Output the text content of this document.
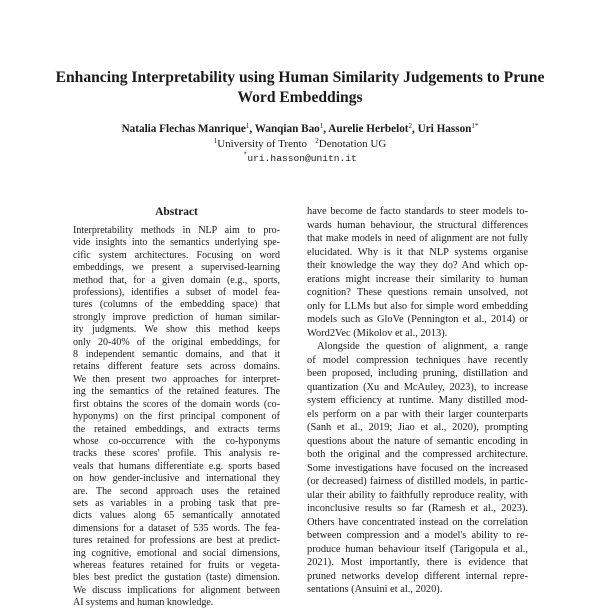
Enhancing Interpretability using Human Similarity Judgements to Prune
Word Embeddings
Natalia Flechas Manrique$^1$, Wanqian Bao$^1$, Aurelie Herbelot$^2$, Uri Hasson$^{1*}$
$^1$University of Trento $^2$Denotation UG
*uri.hasson@unitn.it
Abstract
Interpretability methods in NLP aim to pro-
vide insights into the semantics underlying spe-
cific system architectures. Focusing on word
embeddings, we present a supervised-learning
method that, for a given domain (e.g., sports,
professions), identifies a subset of model fea-
tures (columns of the embedding space) that
strongly improve prediction of human similar-
ity judgments. We show this method keeps
only 20-40% of the original embeddings, for
8 independent semantic domains, and that it
retains different feature sets across domains.
We then present two approaches for interpret-
ing the semantics of the retained features. The
first obtains the scores of the domain words (co-
hyponyms) on the first principal component of
the retained embeddings, and extracts terms
whose co-occurrence with the co-hyponyms
tracks these scores' profile. This analysis re-
veals that humans differentiate e.g. sports based
on how gender-inclusive and international they
are. The second approach uses the retained
sets as variables in a probing task that pre-
dicts values along 65 semantically annotated
dimensions for a dataset of 535 words. The fea-
tures retained for professions are best at predict-
ing cognitive, emotional and social dimensions,
whereas features retained for fruits or vegeta-
bles best predict the gustation (taste) dimension.
We discuss implications for alignment between
AI systems and human knowledge.
have become de facto standards to steer models to-
wards human behaviour, the structural differences
that make models in need of alignment are not fully
elucidated. Why is it that NLP systems organise
their knowledge the way they do? And which op-
erations might increase their similarity to human
cognition? These questions remain unsolved, not
only for LLMs but also for simple word embedding
models such as GloVe (Pennington et al., 2014) or
Word2Vec (Mikolov et al., 2013).
Alongside the question of alignment, a range
of model compression techniques have recently
been proposed, including pruning, distillation and
quantization (Xu and McAuley, 2023), to increase
system efficiency at runtime. Many distilled mod-
els perform on a par with their larger counterparts
(Sanh et al., 2019; Jiao et al., 2020), prompting
questions about the nature of semantic encoding in
both the original and the compressed architecture.
Some investigations have focused on the increased
(or decreased) fairness of distilled models, in partic-
ular their ability to faithfully reproduce reality, with
inconclusive results so far (Ramesh et al., 2023).
Others have concentrated instead on the correlation
between compression and a model's ability to re-
produce human behaviour itself (Tarigopula et al.,
2021). Most importantly, there is evidence that
pruned networks develop different internal repre-
sentations (Ansuini et al., 2020).
